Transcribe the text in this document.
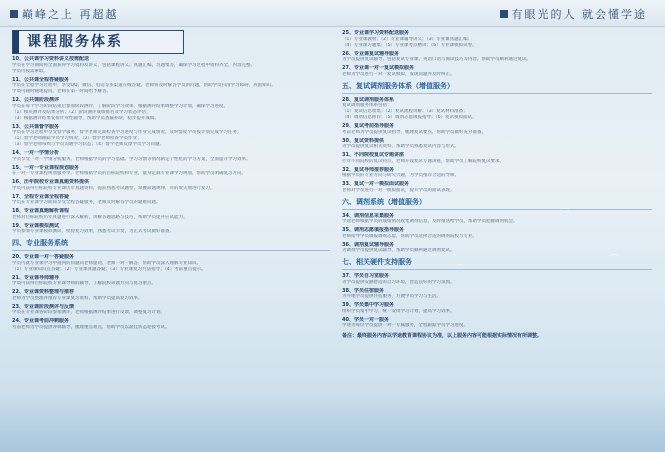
巅峰之上 再超越	有眼光的人 就会懂学途
课程服务体系
10、公共课学习资料讲义按需配送
学员在学习期间将全面获得学习资料及讲义，包括课程讲义、真题汇编、习题集等，确保学习过程中资料齐全、内容完整。
学员可按需索取。
11、公共课全程答疑服务
学员在全程学习过程中，享受QQ、微信、电话等多渠道在线答疑，老师将及时解答学员的问题，帮助学员扫清学习障碍，巩固知识。
学员可随时随地提问，老师在第一时间给予解答。
12、公共课阶段测评
学员在每个学习阶段结束后参加阶段测评，了解阶段学习效果，根据测评结果调整学习计划，确保学习进度。
（1）模块测评及结果分析；（2）阶段测评成绩排名及学习状态评估；
（3）根据测评结果安排针对性辅导，帮助学员查漏补缺，稳步提升成绩。
13、公共课督学服务
学员在学习过程中享受督学服务，督学老师定期检查学习进度与作业完成情况，及时督促学员按计划完成学习任务。
（1）督学老师跟踪学员学习情况；（2）督学老师检查学员作业；
（3）督学老师每周与学员沟通学习状态；（4）督学老师反馈学员学习问题。
14、一对一学情分析
学员享受一对一学情分析服务，老师根据学员的学习基础、学习习惯等情况制定个性化的学习方案，全面提升学习效率。
15、一对一专业课程规划服务
在一对一专业课程规划服务中，老师根据学员的目标院校和专业，量身定制专业课学习规划，帮助学员明确复习方向。
16、历年院校专业课真题资料提供
学员可获得目标院校专业课历年真题资料，提前熟悉考试题型，掌握命题规律，有的放矢地进行复习。
17、全程专业课全程答疑
学员在专业课学习期间享受全程答疑服务，老师及时解答学员的疑难问题。
18、专业课真题解析课程
老师对目标院校历年真题进行深入解析，讲解答题思路与技巧，帮助学员提升应试能力。
19、专业课模拟测试
学员参加专业课模拟测试，检验复习效果，熟悉考试节奏，为正式考试做好准备。
四、专业服务系统
20、专业课一对一答疑服务
学员可就专业课学习中遇到的问题向老师提问，老师一对一解答，帮助学员深入理解专业知识。
（1）专业课知识点答疑；（2）专业课真题答疑；（3）专业课复习方法指导；（4）考前重点提示。
21、专业课导师辅导
学员可获得目标院校专业课导师的辅导，了解院校命题方向与复习重点。
22、专业课资料整理与推荐
老师为学员整理并推荐专业课复习资料，帮助学员提高复习效率。
23、专业课阶段测评与反馈
学员在专业课各阶段参加测评，老师根据测评结果进行反馈，调整复习计划。
24、专业课考前冲刺服务
考前老师为学员提供冲刺辅导，梳理重点难点，帮助学员以最佳状态迎接考试。
25、专业课学习资料配送服务
（1）专业课教材；（2）专业课辅导讲义；（3）专业课真题汇编；
（4）专业课习题集；（5）专业课考点精讲；（6）专业课模拟试卷。
26、专业课复试辅导服务
为学员提供复试辅导，包括复试专业课、英语口语与面试技巧等内容，帮助学员顺利通过复试。
27、专业课一对一复试模拟服务
老师为学员进行一对一复试模拟，发现问题并及时纠正。
五、复试调剂服务体系（增值服务）
28、复试调剂服务体系
复试调剂服务体系包括：
（1）复试信息收集；（2）复试流程讲解；（3）复试材料准备；
（4）调剂信息推荐；（5）调剂志愿填报指导；（6）复试模拟面试。
29、复试考前指导服务
考前老师为学员提供复试指导，梳理复试要点，帮助学员做好充分准备。
30、复试资料提供
为学员提供复试相关资料，帮助学员熟悉复试内容与形式。
31、不同院校复试专题讲座
针对不同院校的复试特点，老师开设复试专题讲座，帮助学员了解院校复试要求。
32、复试导师推荐服务
根据学员的专业方向与研究兴趣，为学员推荐合适的导师。
33、复试一对一模拟面试服务
老师对学员进行一对一模拟面试，提升学员的面试表现。
六、调剂系统（增值服务）
34、调剂信息采集服务
学途老师根据学员的成绩情况收集调剂信息，及时推送给学员，帮助学员把握调剂机会。
35、调剂志愿填报指导服务
老师指导学员填报调剂志愿，帮助学员选择合适的调剂院校与专业。
36、调剂复试辅导服务
为调剂学员提供复试辅导，帮助学员顺利通过调剂复试。
七、相关硬件支持服务
37、学员自习室服务
为学员提供安静舒适的自习环境，营造良好的学习氛围。
38、学员住宿服务
为外地学员提供住宿服务，方便学员学习与生活。
39、学员集中学习服务
组织学员集中学习，统一安排学习计划，提高学习效率。
40、学员一对一服务
学途为每位学员提供一对一专属服务，全程跟踪学员学习进度。
备注：最终服务内容以学途教育课程协议为准，以上服务内容可能根据实际情况有所调整。
⌒
⌒
⌒
⌒
